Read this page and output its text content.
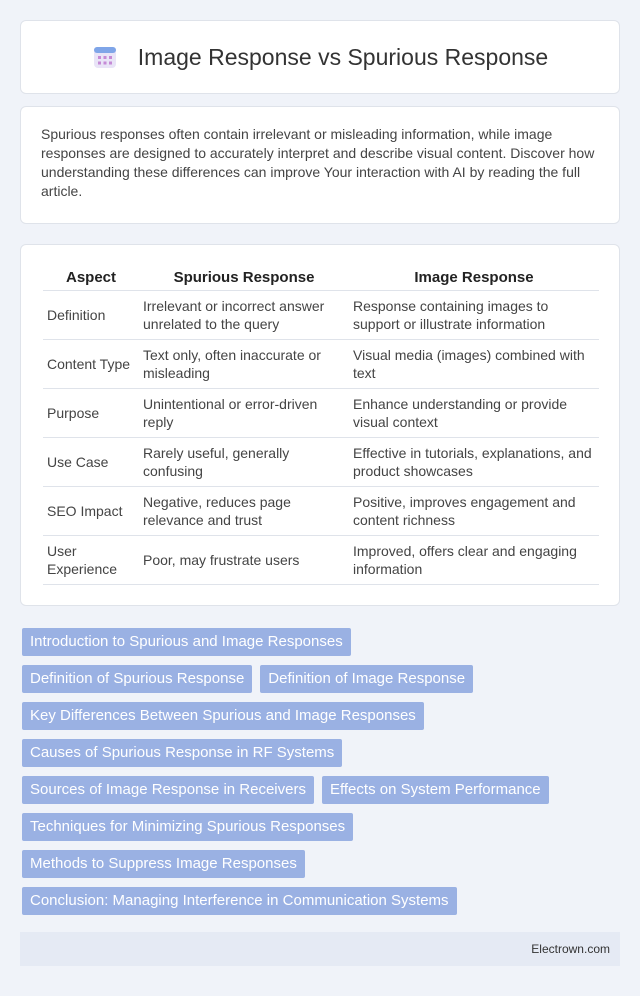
Image Response vs Spurious Response

Spurious responses often contain irrelevant or misleading information, while image responses are designed to accurately interpret and describe visual content. Discover how understanding these differences can improve Your interaction with AI by reading the full article.

Aspect	Spurious Response	Image Response
Definition	Irrelevant or incorrect answer unrelated to the query	Response containing images to support or illustrate information
Content Type	Text only, often inaccurate or misleading	Visual media (images) combined with text
Purpose	Unintentional or error-driven reply	Enhance understanding or provide visual context
Use Case	Rarely useful, generally confusing	Effective in tutorials, explanations, and product showcases
SEO Impact	Negative, reduces page relevance and trust	Positive, improves engagement and content richness
User Experience	Poor, may frustrate users	Improved, offers clear and engaging information
Introduction to Spurious and Image Responses
Definition of Spurious Response	Definition of Image Response
Key Differences Between Spurious and Image Responses
Causes of Spurious Response in RF Systems
Sources of Image Response in Receivers	Effects on System Performance
Techniques for Minimizing Spurious Responses
Methods to Suppress Image Responses
Conclusion: Managing Interference in Communication Systems
Electrown.com
